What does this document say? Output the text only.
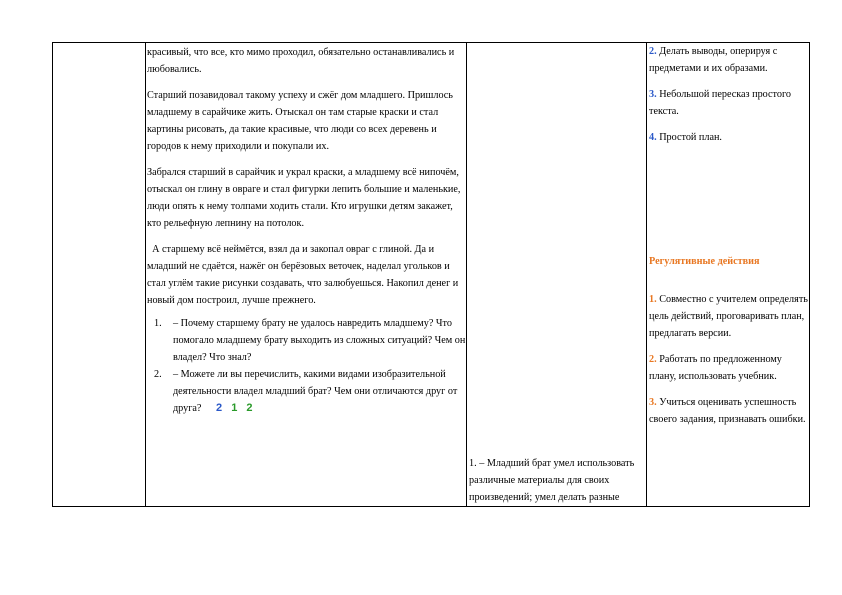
красивый, что все, кто мимо проходил, обязательно останавливались и любовались.

Старший позавидовал такому успеху и сжёг дом младшего. Пришлось младшему в сарайчике жить. Отыскал он там старые краски и стал картины рисовать, да такие красивые, что люди со всех деревень и городов к нему приходили и покупали их.

Забрался старший в сарайчик и украл краски, а младшему всё нипочём, отыскал он глину в овраге и стал фигурки лепить большие и маленькие, люди опять к нему толпами ходить стали. Кто игрушки детям закажет, кто рельефную лепнину на потолок.

А старшему всё неймётся, взял да и закопал овраг с глиной. Да и младший не сдаётся, нажёг он берёзовых веточек, наделал угольков и стал углём такие рисунки создавать, что залюбуешься. Накопил денег и новый дом построил, лучше прежнего.

1. – Почему старшему брату не удалось навредить младшему? Что помогало младшему брату выходить из сложных ситуаций? Чем он владел? Что знал?
2. – Можете ли вы перечислить, какими видами изобразительной деятельности владел младший брат? Чем они отличаются друг от друга? 2 1 2

1. – Младший брат умел использовать различные материалы для своих произведений; умел делать разные

2. Делать выводы, оперируя с предметами и их образами.

3. Небольшой пересказ простого текста.

4. Простой план.

Регулятивные действия

1. Совместно с учителем определять цель действий, проговаривать план, предлагать версии.

2. Работать по предложенному плану, использовать учебник.

3. Учиться оценивать успешность своего задания, признавать ошибки.
